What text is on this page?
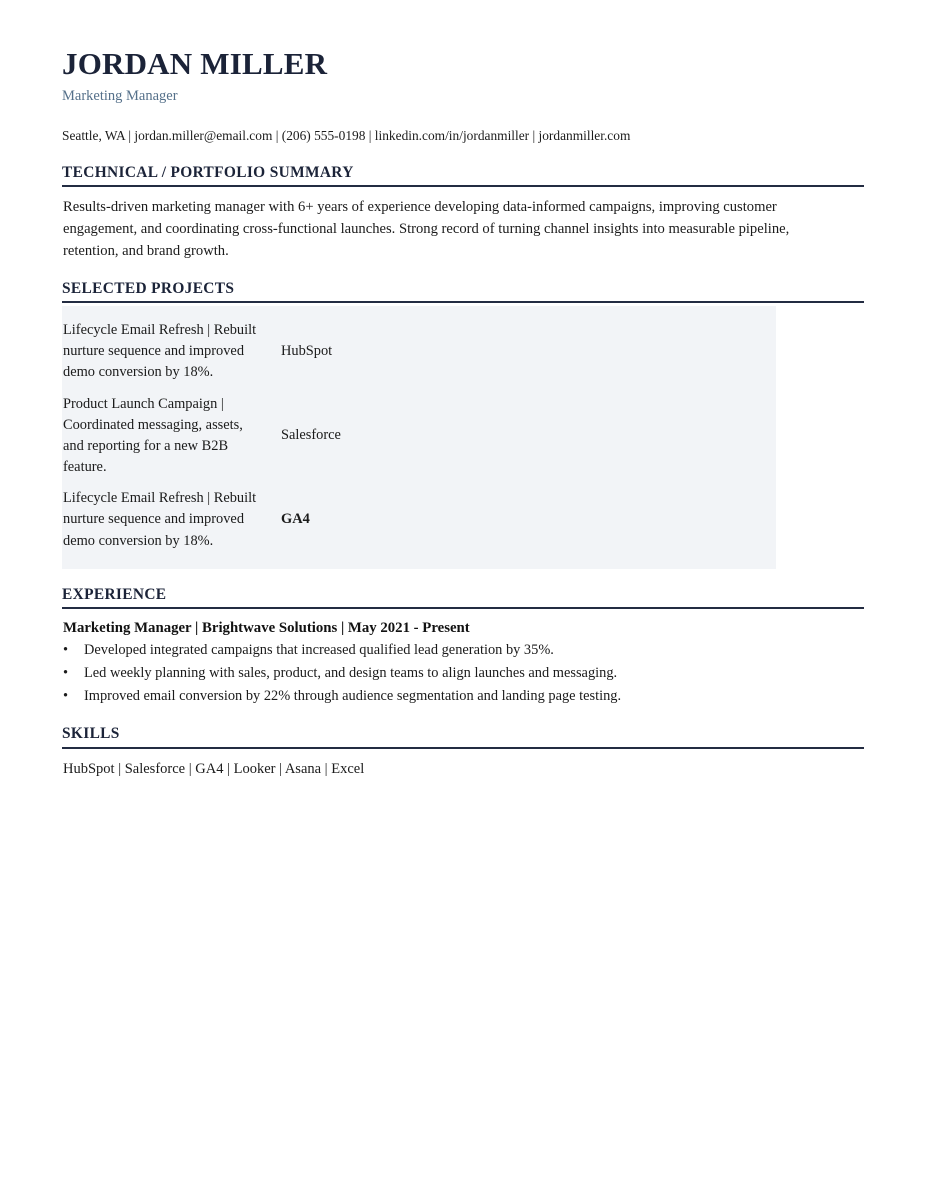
JORDAN MILLER
Marketing Manager
Seattle, WA | jordan.miller@email.com | (206) 555-0198 | linkedin.com/in/jordanmiller | jordanmiller.com
TECHNICAL / PORTFOLIO SUMMARY

Results-driven marketing manager with 6+ years of experience developing data-informed campaigns, improving customer engagement, and coordinating cross-functional launches. Strong record of turning channel insights into measurable pipeline, retention, and brand growth.

SELECTED PROJECTS
Lifecycle Email Refresh | Rebuilt nurture sequence and improved demo conversion by 18%.	HubSpot
Product Launch Campaign | Coordinated messaging, assets, and reporting for a new B2B feature.	Salesforce
Lifecycle Email Refresh | Rebuilt nurture sequence and improved demo conversion by 18%.	GA4
EXPERIENCE
Marketing Manager | Brightwave Solutions | May 2021 - Present
• Developed integrated campaigns that increased qualified lead generation by 35%.
• Led weekly planning with sales, product, and design teams to align launches and messaging.
• Improved email conversion by 22% through audience segmentation and landing page testing.
SKILLS
HubSpot | Salesforce | GA4 | Looker | Asana | Excel
